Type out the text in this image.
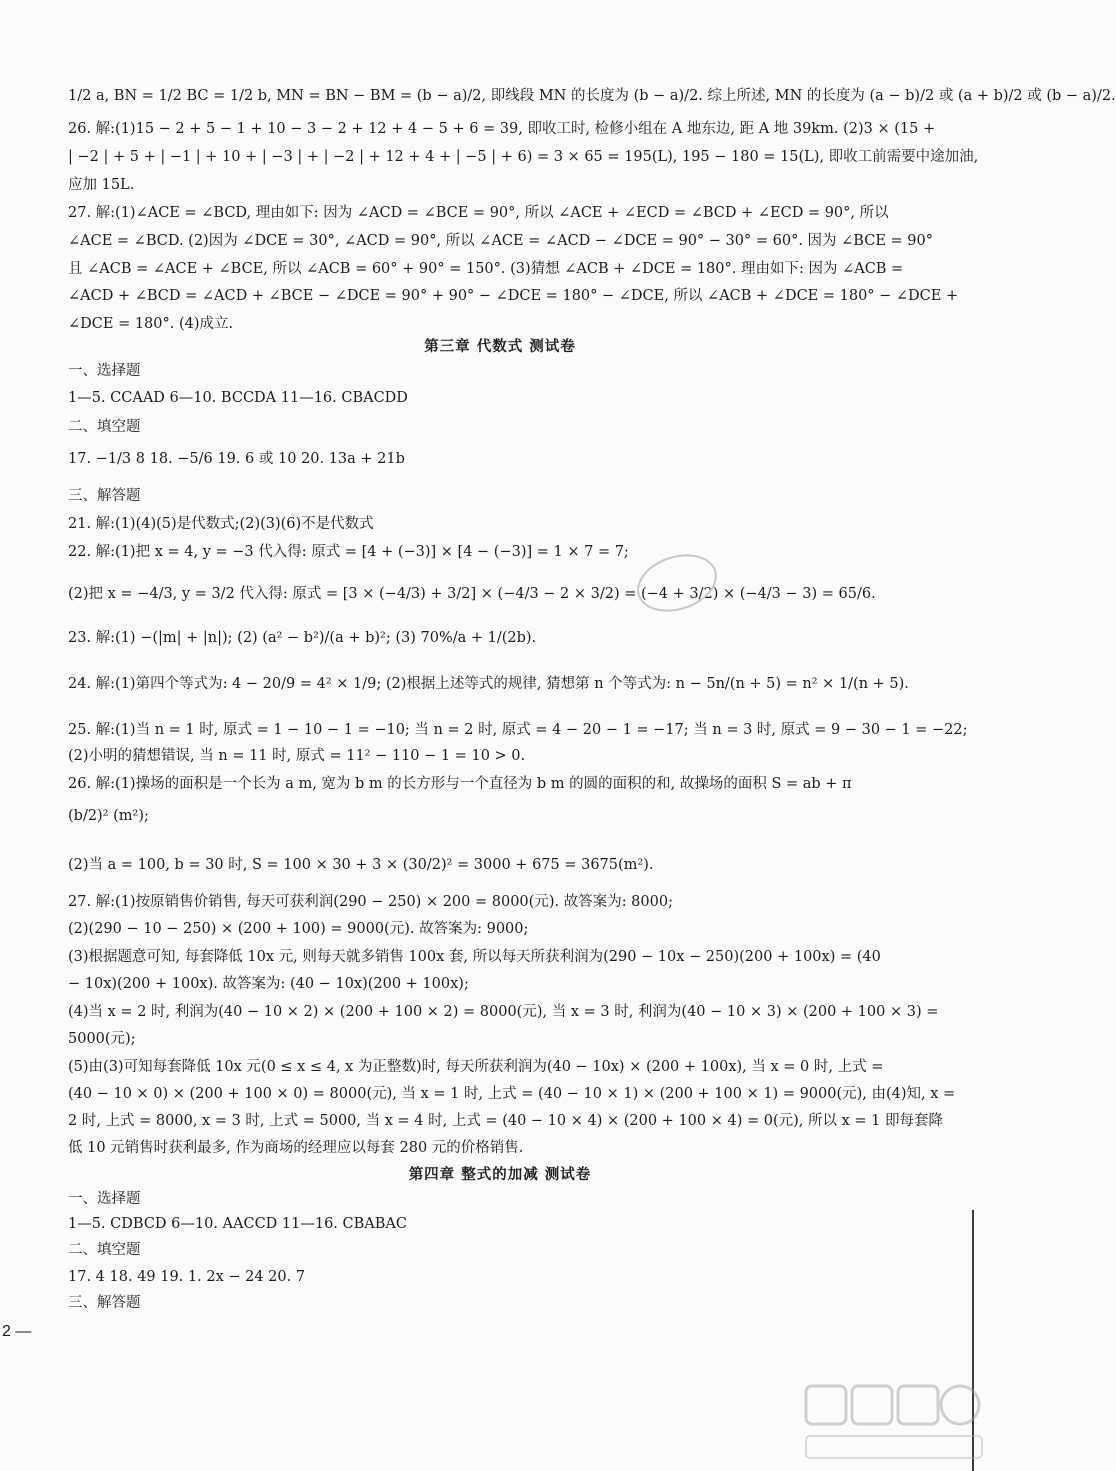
1/2 a, BN = 1/2 BC = 1/2 b, MN = BN − BM = (b − a)/2, 即线段 MN 的长度为 (b − a)/2. 综上所述, MN 的长度为 (a − b)/2 或 (a + b)/2 或 (b − a)/2.
26. 解:(1)15 − 2 + 5 − 1 + 10 − 3 − 2 + 12 + 4 − 5 + 6 = 39, 即收工时, 检修小组在 A 地东边, 距 A 地 39km. (2)3 × (15 +
| −2 | + 5 + | −1 | + 10 + | −3 | + | −2 | + 12 + 4 + | −5 | + 6) = 3 × 65 = 195(L), 195 − 180 = 15(L), 即收工前需要中途加油,
应加 15L.
27. 解:(1)∠ACE = ∠BCD, 理由如下: 因为 ∠ACD = ∠BCE = 90°, 所以 ∠ACE + ∠ECD = ∠BCD + ∠ECD = 90°, 所以
∠ACE = ∠BCD. (2)因为 ∠DCE = 30°, ∠ACD = 90°, 所以 ∠ACE = ∠ACD − ∠DCE = 90° − 30° = 60°. 因为 ∠BCE = 90°
且 ∠ACB = ∠ACE + ∠BCE, 所以 ∠ACB = 60° + 90° = 150°. (3)猜想 ∠ACB + ∠DCE = 180°. 理由如下: 因为 ∠ACB =
∠ACD + ∠BCD = ∠ACD + ∠BCE − ∠DCE = 90° + 90° − ∠DCE = 180° − ∠DCE, 所以 ∠ACB + ∠DCE = 180° − ∠DCE +
∠DCE = 180°. (4)成立.
第三章 代数式 测试卷
一、选择题
1—5. CCAAD 6—10. BCCDA 11—16. CBACDD
二、填空题
17. −1/3 8 18. −5/6 19. 6 或 10 20. 13a + 21b
三、解答题
21. 解:(1)(4)(5)是代数式;(2)(3)(6)不是代数式
22. 解:(1)把 x = 4, y = −3 代入得: 原式 = [4 + (−3)] × [4 − (−3)] = 1 × 7 = 7;
(2)把 x = −4/3, y = 3/2 代入得: 原式 = [3 × (−4/3) + 3/2] × (−4/3 − 2 × 3/2) = (−4 + 3/2) × (−4/3 − 3) = 65/6.
23. 解:(1) −(|m| + |n|); (2) (a² − b²)/(a + b)²; (3) 70%/a + 1/(2b).
24. 解:(1)第四个等式为: 4 − 20/9 = 4² × 1/9; (2)根据上述等式的规律, 猜想第 n 个等式为: n − 5n/(n + 5) = n² × 1/(n + 5).
25. 解:(1)当 n = 1 时, 原式 = 1 − 10 − 1 = −10; 当 n = 2 时, 原式 = 4 − 20 − 1 = −17; 当 n = 3 时, 原式 = 9 − 30 − 1 = −22;
(2)小明的猜想错误, 当 n = 11 时, 原式 = 11² − 110 − 1 = 10 > 0.
26. 解:(1)操场的面积是一个长为 a m, 宽为 b m 的长方形与一个直径为 b m 的圆的面积的和, 故操场的面积 S = ab + π
(b/2)² (m²);
(2)当 a = 100, b = 30 时, S = 100 × 30 + 3 × (30/2)² = 3000 + 675 = 3675(m²).
27. 解:(1)按原销售价销售, 每天可获利润(290 − 250) × 200 = 8000(元). 故答案为: 8000;
(2)(290 − 10 − 250) × (200 + 100) = 9000(元). 故答案为: 9000;
(3)根据题意可知, 每套降低 10x 元, 则每天就多销售 100x 套, 所以每天所获利润为(290 − 10x − 250)(200 + 100x) = (40
− 10x)(200 + 100x). 故答案为: (40 − 10x)(200 + 100x);
(4)当 x = 2 时, 利润为(40 − 10 × 2) × (200 + 100 × 2) = 8000(元), 当 x = 3 时, 利润为(40 − 10 × 3) × (200 + 100 × 3) =
5000(元);
(5)由(3)可知每套降低 10x 元(0 ≤ x ≤ 4, x 为正整数)时, 每天所获利润为(40 − 10x) × (200 + 100x), 当 x = 0 时, 上式 =
(40 − 10 × 0) × (200 + 100 × 0) = 8000(元), 当 x = 1 时, 上式 = (40 − 10 × 1) × (200 + 100 × 1) = 9000(元), 由(4)知, x =
2 时, 上式 = 8000, x = 3 时, 上式 = 5000, 当 x = 4 时, 上式 = (40 − 10 × 4) × (200 + 100 × 4) = 0(元), 所以 x = 1 即每套降
低 10 元销售时获利最多, 作为商场的经理应以每套 280 元的价格销售.
第四章 整式的加减 测试卷
一、选择题
1—5. CDBCD 6—10. AACCD 11—16. CBABAC
二、填空题
17. 4 18. 49 19. 1. 2x − 24 20. 7
三、解答题
2 —
